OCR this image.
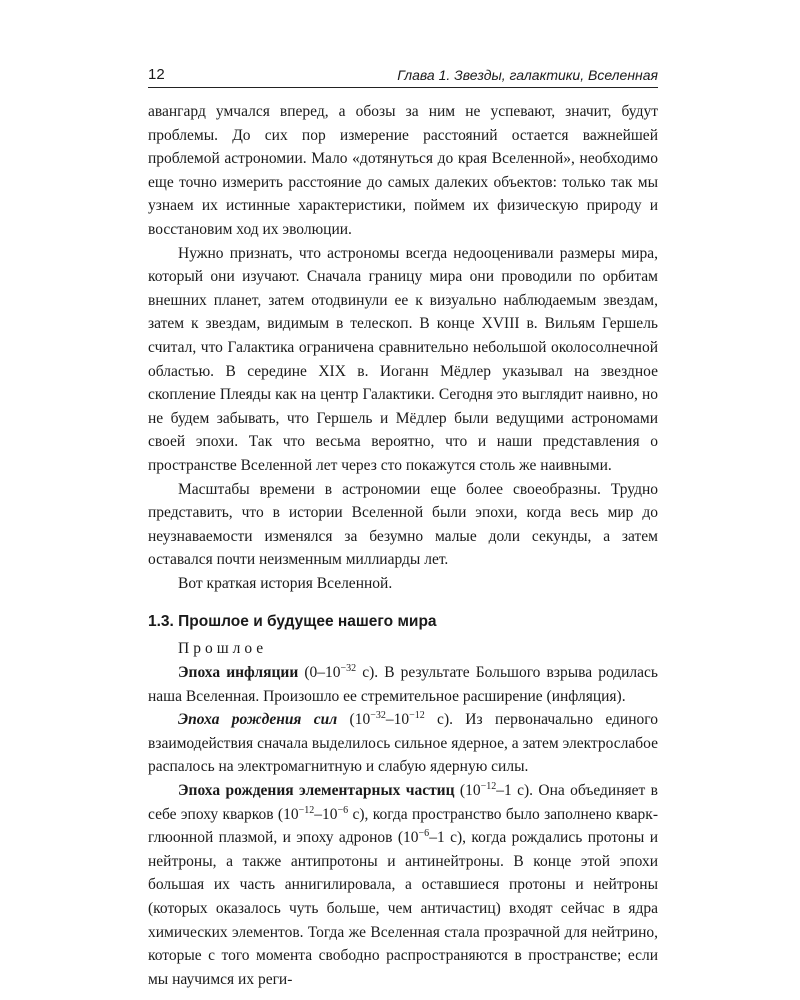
12	Глава 1. Звезды, галактики, Вселенная

авангард умчался вперед, а обозы за ним не успевают, значит, будут проблемы. До сих пор измерение расстояний остается важнейшей проблемой астрономии. Мало «дотянуться до края Вселенной», необходимо еще точно измерить расстояние до самых далеких объектов: только так мы узнаем их истинные характеристики, поймем их физическую природу и восстановим ход их эволюции.

Нужно признать, что астрономы всегда недооценивали размеры мира, который они изучают. Сначала границу мира они проводили по орбитам внешних планет, затем отодвинули ее к визуально наблюдаемым звездам, затем к звездам, видимым в телескоп. В конце XVIII в. Вильям Гершель считал, что Галактика ограничена сравнительно небольшой околосолнечной областью. В середине XIX в. Иоганн Мёдлер указывал на звездное скопление Плеяды как на центр Галактики. Сегодня это выглядит наивно, но не будем забывать, что Гершель и Мёдлер были ведущими астрономами своей эпохи. Так что весьма вероятно, что и наши представления о пространстве Вселенной лет через сто покажутся столь же наивными.

Масштабы времени в астрономии еще более своеобразны. Трудно представить, что в истории Вселенной были эпохи, когда весь мир до неузнаваемости изменялся за безумно малые доли секунды, а затем оставался почти неизменным миллиарды лет.

Вот краткая история Вселенной.

1.3. Прошлое и будущее нашего мира

Прошлое

Эпоха инфляции ($0-10^{-32}$ с). В результате Большого взрыва родилась наша Вселенная. Произошло ее стремительное расширение (инфляция).

Эпоха рождения сил ($10^{-32}-10^{-12}$ с). Из первоначально единого взаимодействия сначала выделилось сильное ядерное, а затем электрослабое распалось на электромагнитную и слабую ядерную силы.

Эпоха рождения элементарных частиц ($10^{-12}-1$ с). Она объединяет в себе эпоху кварков ($10^{-12}-10^{-6}$ с), когда пространство было заполнено кварк-глюонной плазмой, и эпоху адронов ($10^{-6}-1$ с), когда рождались протоны и нейтроны, а также антипротоны и антинейтроны. В конце этой эпохи большая их часть аннигилировала, а оставшиеся протоны и нейтроны (которых оказалось чуть больше, чем античастиц) входят сейчас в ядра химических элементов. Тогда же Вселенная стала прозрачной для нейтрино, которые с того момента свободно распространяются в пространстве; если мы научимся их реги-
